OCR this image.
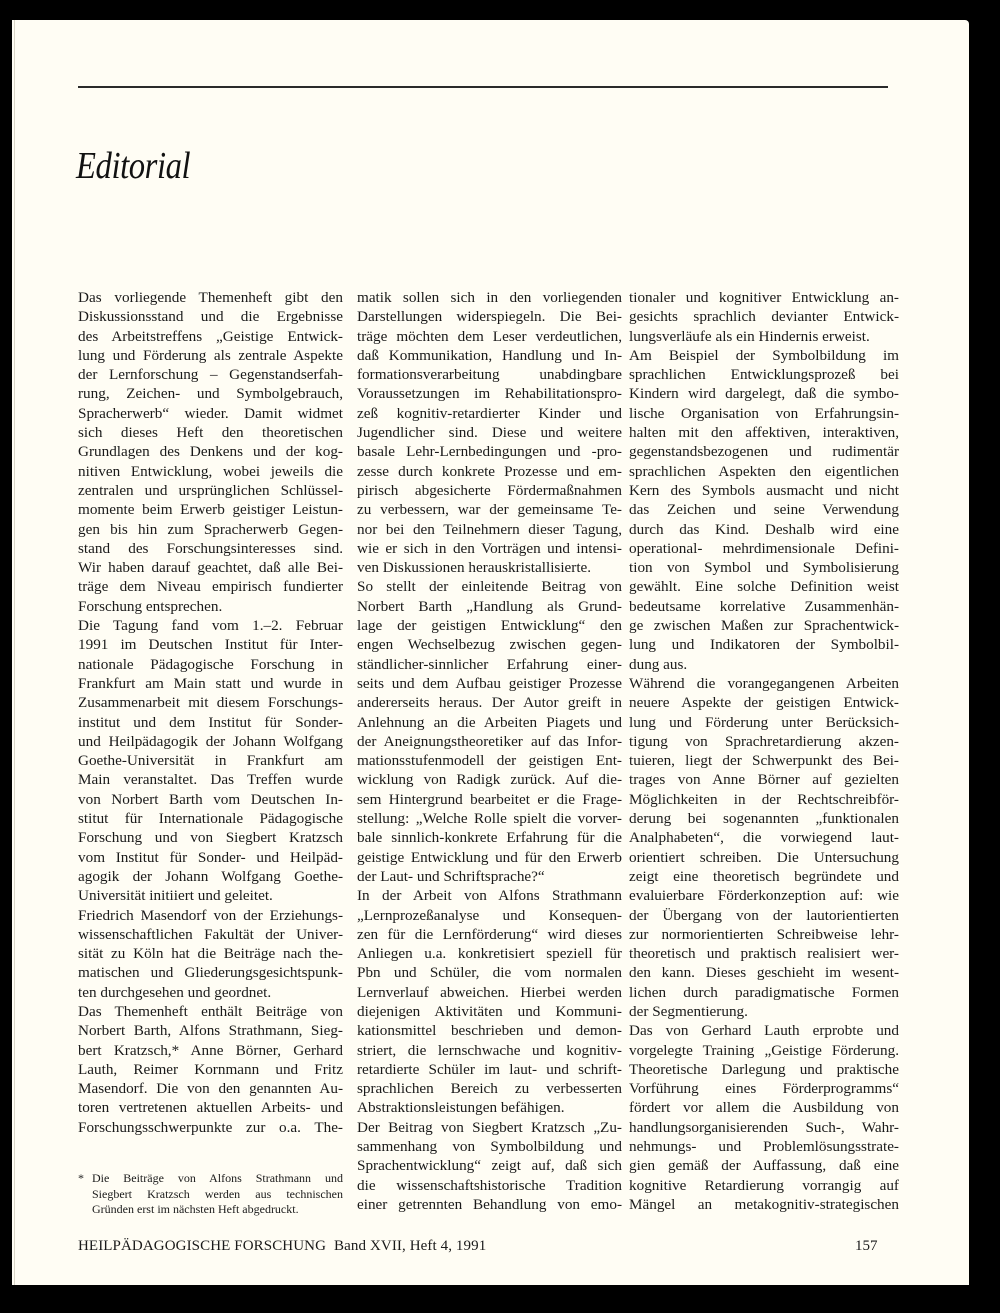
Editorial
Das vorliegende Themenheft gibt den
Diskussionsstand und die Ergebnisse
des Arbeitstreffens „Geistige Entwick-
lung und Förderung als zentrale Aspekte
der Lernforschung – Gegenstandserfah-
rung, Zeichen- und Symbolgebrauch,
Spracherwerb“ wieder. Damit widmet
sich dieses Heft den theoretischen
Grundlagen des Denkens und der kog-
nitiven Entwicklung, wobei jeweils die
zentralen und ursprünglichen Schlüssel-
momente beim Erwerb geistiger Leistun-
gen bis hin zum Spracherwerb Gegen-
stand des Forschungsinteresses sind.
Wir haben darauf geachtet, daß alle Bei-
träge dem Niveau empirisch fundierter
Forschung entsprechen.
Die Tagung fand vom 1.–2. Februar
1991 im Deutschen Institut für Inter-
nationale Pädagogische Forschung in
Frankfurt am Main statt und wurde in
Zusammenarbeit mit diesem Forschungs-
institut und dem Institut für Sonder-
und Heilpädagogik der Johann Wolfgang
Goethe-Universität in Frankfurt am
Main veranstaltet. Das Treffen wurde
von Norbert Barth vom Deutschen In-
stitut für Internationale Pädagogische
Forschung und von Siegbert Kratzsch
vom Institut für Sonder- und Heilpäd-
agogik der Johann Wolfgang Goethe-
Universität initiiert und geleitet.
Friedrich Masendorf von der Erziehungs-
wissenschaftlichen Fakultät der Univer-
sität zu Köln hat die Beiträge nach the-
matischen und Gliederungsgesichtspunk-
ten durchgesehen und geordnet.
Das Themenheft enthält Beiträge von
Norbert Barth, Alfons Strathmann, Sieg-
bert Kratzsch,* Anne Börner, Gerhard
Lauth, Reimer Kornmann und Fritz
Masendorf. Die von den genannten Au-
toren vertretenen aktuellen Arbeits- und
Forschungsschwerpunkte zur o.a. The-
matik sollen sich in den vorliegenden
Darstellungen widerspiegeln. Die Bei-
träge möchten dem Leser verdeutlichen,
daß Kommunikation, Handlung und In-
formationsverarbeitung unabdingbare
Voraussetzungen im Rehabilitationspro-
zeß kognitiv-retardierter Kinder und
Jugendlicher sind. Diese und weitere
basale Lehr-Lernbedingungen und -pro-
zesse durch konkrete Prozesse und em-
pirisch abgesicherte Fördermaßnahmen
zu verbessern, war der gemeinsame Te-
nor bei den Teilnehmern dieser Tagung,
wie er sich in den Vorträgen und intensi-
ven Diskussionen herauskristallisierte.
So stellt der einleitende Beitrag von
Norbert Barth „Handlung als Grund-
lage der geistigen Entwicklung“ den
engen Wechselbezug zwischen gegen-
ständlicher-sinnlicher Erfahrung einer-
seits und dem Aufbau geistiger Prozesse
andererseits heraus. Der Autor greift in
Anlehnung an die Arbeiten Piagets und
der Aneignungstheoretiker auf das Infor-
mationsstufenmodell der geistigen Ent-
wicklung von Radigk zurück. Auf die-
sem Hintergrund bearbeitet er die Frage-
stellung: „Welche Rolle spielt die vorver-
bale sinnlich-konkrete Erfahrung für die
geistige Entwicklung und für den Erwerb
der Laut- und Schriftsprache?“
In der Arbeit von Alfons Strathmann
„Lernprozeßanalyse und Konsequen-
zen für die Lernförderung“ wird dieses
Anliegen u.a. konkretisiert speziell für
Pbn und Schüler, die vom normalen
Lernverlauf abweichen. Hierbei werden
diejenigen Aktivitäten und Kommuni-
kationsmittel beschrieben und demon-
striert, die lernschwache und kognitiv-
retardierte Schüler im laut- und schrift-
sprachlichen Bereich zu verbesserten
Abstraktionsleistungen befähigen.
Der Beitrag von Siegbert Kratzsch „Zu-
sammenhang von Symbolbildung und
Sprachentwicklung“ zeigt auf, daß sich
die wissenschaftshistorische Tradition
einer getrennten Behandlung von emo-
tionaler und kognitiver Entwicklung an-
gesichts sprachlich devianter Entwick-
lungsverläufe als ein Hindernis erweist.
Am Beispiel der Symbolbildung im
sprachlichen Entwicklungsprozeß bei
Kindern wird dargelegt, daß die symbo-
lische Organisation von Erfahrungsin-
halten mit den affektiven, interaktiven,
gegenstandsbezogenen und rudimentär
sprachlichen Aspekten den eigentlichen
Kern des Symbols ausmacht und nicht
das Zeichen und seine Verwendung
durch das Kind. Deshalb wird eine
operational- mehrdimensionale Defini-
tion von Symbol und Symbolisierung
gewählt. Eine solche Definition weist
bedeutsame korrelative Zusammenhän-
ge zwischen Maßen zur Sprachentwick-
lung und Indikatoren der Symbolbil-
dung aus.
Während die vorangegangenen Arbeiten
neuere Aspekte der geistigen Entwick-
lung und Förderung unter Berücksich-
tigung von Sprachretardierung akzen-
tuieren, liegt der Schwerpunkt des Bei-
trages von Anne Börner auf gezielten
Möglichkeiten in der Rechtschreibför-
derung bei sogenannten „funktionalen
Analphabeten“, die vorwiegend laut-
orientiert schreiben. Die Untersuchung
zeigt eine theoretisch begründete und
evaluierbare Förderkonzeption auf: wie
der Übergang von der lautorientierten
zur normorientierten Schreibweise lehr-
theoretisch und praktisch realisiert wer-
den kann. Dieses geschieht im wesent-
lichen durch paradigmatische Formen
der Segmentierung.
Das von Gerhard Lauth erprobte und
vorgelegte Training „Geistige Förderung.
Theoretische Darlegung und praktische
Vorführung eines Förderprogramms“
fördert vor allem die Ausbildung von
handlungsorganisierenden Such-, Wahr-
nehmungs- und Problemlösungsstrate-
gien gemäß der Auffassung, daß eine
kognitive Retardierung vorrangig auf
Mängel an metakognitiv-strategischen
* Die Beiträge von Alfons Strathmann und
Siegbert Kratzsch werden aus technischen
Gründen erst im nächsten Heft abgedruckt.
HEILPÄDAGOGISCHE FORSCHUNG Band XVII, Heft 4, 1991	157
